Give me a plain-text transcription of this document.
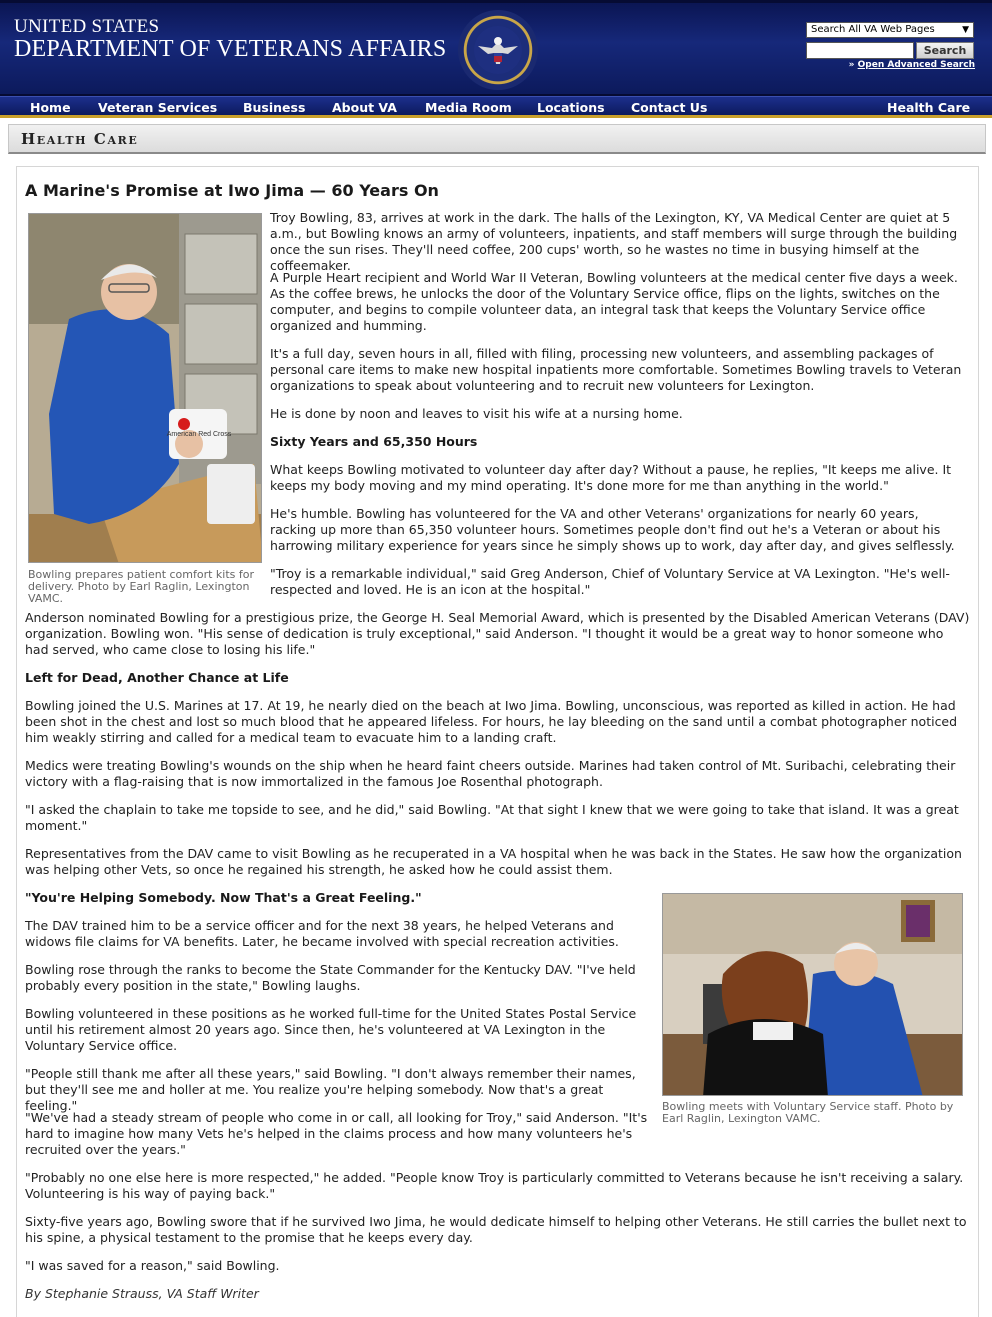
UNITED STATES
DEPARTMENT OF VETERANS AFFAIRS
Search All VA Web Pages	▼
Search
» Open Advanced Search
Home Veteran Services Business About VA Media Room Locations Contact Us	Health Care
Health Care
A Marine's Promise at Iwo Jima — 60 Years On
American Red Cross

Bowling prepares patient comfort kits for delivery. Photo by Earl Raglin, Lexington VAMC.

Troy Bowling, 83, arrives at work in the dark. The halls of the Lexington, KY, VA Medical Center are quiet at 5 a.m., but Bowling knows an army of volunteers, inpatients, and staff members will surge through the building once the sun rises. They'll need coffee, 200 cups' worth, so he wastes no time in busying himself at the coffeemaker.

A Purple Heart recipient and World War II Veteran, Bowling volunteers at the medical center five days a week. As the coffee brews, he unlocks the door of the Voluntary Service office, flips on the lights, switches on the computer, and begins to compile volunteer data, an integral task that keeps the Voluntary Service office organized and humming.

It's a full day, seven hours in all, filled with filing, processing new volunteers, and assembling packages of personal care items to make new hospital inpatients more comfortable. Sometimes Bowling travels to Veteran organizations to speak about volunteering and to recruit new volunteers for Lexington.

He is done by noon and leaves to visit his wife at a nursing home.

Sixty Years and 65,350 Hours

What keeps Bowling motivated to volunteer day after day? Without a pause, he replies, "It keeps me alive. It keeps my body moving and my mind operating. It's done more for me than anything in the world."

He's humble. Bowling has volunteered for the VA and other Veterans' organizations for nearly 60 years, racking up more than 65,350 volunteer hours. Sometimes people don't find out he's a Veteran or about his harrowing military experience for years since he simply shows up to work, day after day, and gives selflessly.

"Troy is a remarkable individual," said Greg Anderson, Chief of Voluntary Service at VA Lexington. "He's well-respected and loved. He is an icon at the hospital."

Anderson nominated Bowling for a prestigious prize, the George H. Seal Memorial Award, which is presented by the Disabled American Veterans (DAV) organization. Bowling won. "His sense of dedication is truly exceptional," said Anderson. "I thought it would be a great way to honor someone who had served, who came close to losing his life."

Left for Dead, Another Chance at Life

Bowling joined the U.S. Marines at 17. At 19, he nearly died on the beach at Iwo Jima. Bowling, unconscious, was reported as killed in action. He had been shot in the chest and lost so much blood that he appeared lifeless. For hours, he lay bleeding on the sand until a combat photographer noticed him weakly stirring and called for a medical team to evacuate him to a landing craft.

Medics were treating Bowling's wounds on the ship when he heard faint cheers outside. Marines had taken control of Mt. Suribachi, celebrating their victory with a flag-raising that is now immortalized in the famous Joe Rosenthal photograph.

"I asked the chaplain to take me topside to see, and he did," said Bowling. "At that sight I knew that we were going to take that island. It was a great moment."

Representatives from the DAV came to visit Bowling as he recuperated in a VA hospital when he was back in the States. He saw how the organization was helping other Vets, so once he regained his strength, he asked how he could assist them.

"You're Helping Somebody. Now That's a Great Feeling."

Bowling meets with Voluntary Service staff. Photo by Earl Raglin, Lexington VAMC.

The DAV trained him to be a service officer and for the next 38 years, he helped Veterans and widows file claims for VA benefits. Later, he became involved with special recreation activities.

Bowling rose through the ranks to become the State Commander for the Kentucky DAV. "I've held probably every position in the state," Bowling laughs.

Bowling volunteered in these positions as he worked full-time for the United States Postal Service until his retirement almost 20 years ago. Since then, he's volunteered at VA Lexington in the Voluntary Service office.

"People still thank me after all these years," said Bowling. "I don't always remember their names, but they'll see me and holler at me. You realize you're helping somebody. Now that's a great feeling."

"We've had a steady stream of people who come in or call, all looking for Troy," said Anderson. "It's hard to imagine how many Vets he's helped in the claims process and how many volunteers he's recruited over the years."

"Probably no one else here is more respected," he added. "People know Troy is particularly committed to Veterans because he isn't receiving a salary. Volunteering is his way of paying back."

Sixty-five years ago, Bowling swore that if he survived Iwo Jima, he would dedicate himself to helping other Veterans. He still carries the bullet next to his spine, a physical testament to the promise that he keeps every day.

"I was saved for a reason," said Bowling.

By Stephanie Strauss, VA Staff Writer
